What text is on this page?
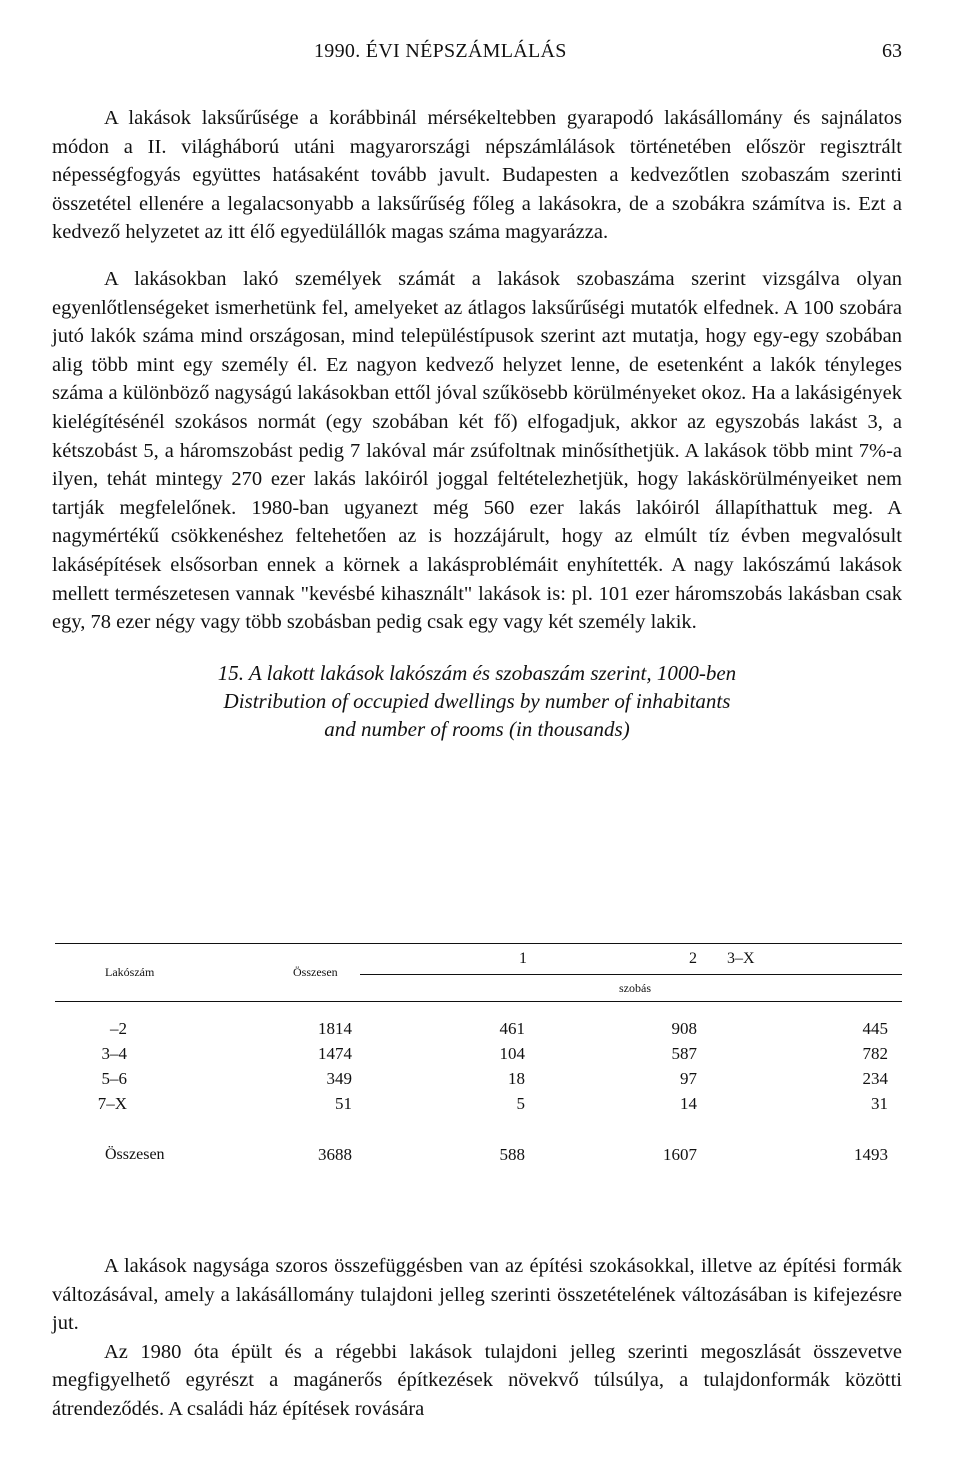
1990. ÉVI NÉPSZÁMLÁLÁS	63

A lakások laksűrűsége a korábbinál mérsékeltebben gyarapodó lakásállomány és sajnálatos módon a II. világháború utáni magyarországi népszámlálások történetében először regisztrált népességfogyás együttes hatásaként tovább javult. Budapesten a kedvezőtlen szobaszám szerinti összetétel ellenére a legalacsonyabb a laksűrűség főleg a lakásokra, de a szobákra számítva is. Ezt a kedvező helyzetet az itt élő egyedülállók magas száma magyarázza.

A lakásokban lakó személyek számát a lakások szobaszáma szerint vizsgálva olyan egyenlőtlenségeket ismerhetünk fel, amelyeket az átlagos laksűrűségi mutatók elfednek. A 100 szobára jutó lakók száma mind országosan, mind településtípusok szerint azt mutatja, hogy egy-egy szobában alig több mint egy személy él. Ez nagyon kedvező helyzet lenne, de esetenként a lakók tényleges száma a különböző nagyságú lakásokban ettől jóval szűkösebb körülményeket okoz. Ha a lakásigények kielégítésénél szokásos normát (egy szobában két fő) elfogadjuk, akkor az egyszobás lakást 3, a kétszobást 5, a háromszobást pedig 7 lakóval már zsúfoltnak minősíthetjük. A lakások több mint 7%-a ilyen, tehát mintegy 270 ezer lakás lakóiról joggal feltételezhetjük, hogy lakáskörülményeiket nem tartják megfelelőnek. 1980-ban ugyanezt még 560 ezer lakás lakóiról állapíthattuk meg. A nagymértékű csökkenéshez feltehetően az is hozzájárult, hogy az elmúlt tíz évben megvalósult lakásépítések elsősorban ennek a körnek a lakásproblémáit enyhítették. A nagy lakószámú lakások mellett természetesen vannak "kevésbé kihasznált" lakások is: pl. 101 ezer háromszobás lakásban csak egy, 78 ezer négy vagy több szobásban pedig csak egy vagy két személy lakik.

15. A lakott lakások lakószám és szobaszám szerint, 1000-ben
Distribution of occupied dwellings by number of inhabitants
and number of rooms (in thousands)
Lakószám	Összesen	1	2	3–X
		szobás		

–2	1814	461	908	445
3–4	1474	104	587	782
5–6	349	18	97	234
7–X	51	5	14	31

Összesen	3688	588	1607	1493

A lakások nagysága szoros összefüggésben van az építési szokásokkal, illetve az építési formák változásával, amely a lakásállomány tulajdoni jelleg szerinti összetételének változásában is kifejezésre jut.

Az 1980 óta épült és a régebbi lakások tulajdoni jelleg szerinti megoszlását összevetve megfigyelhető egyrészt a magánerős építkezések növekvő túlsúlya, a tulajdonformák közötti átrendeződés. A családi ház építések rovására
